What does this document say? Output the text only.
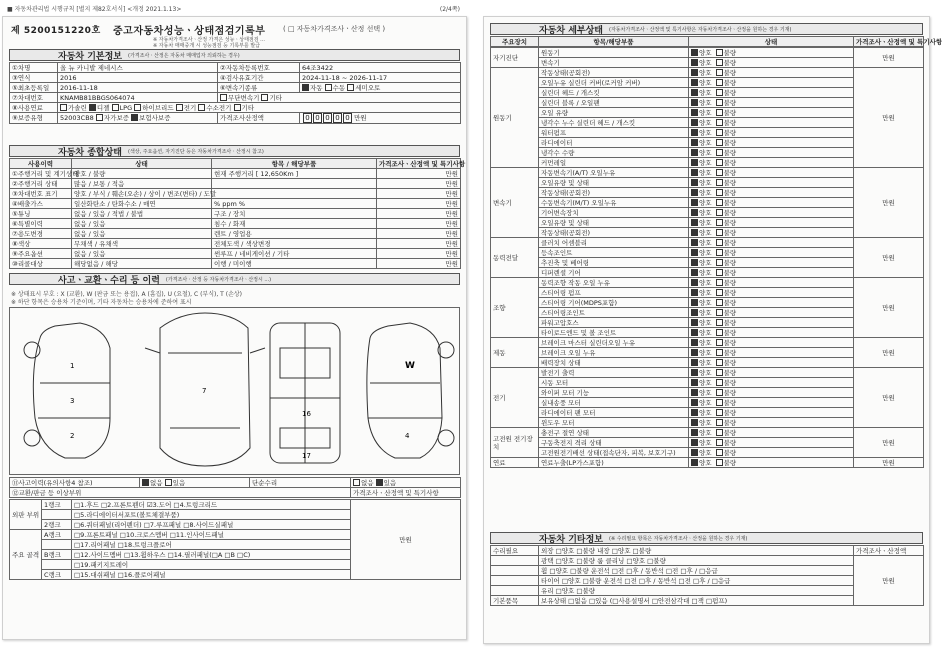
■ 자동차관리법 시행규칙 [별지 제82호서식] <개정 2021.1.13>	(2/4쪽)
제 5200151220호 중고자동차성능ㆍ상태점검기록부	( □ 자동차가격조사ㆍ산정 선택 )
※ 자동차가격조사ㆍ산정 가격은 성능ㆍ상태점검 ...
※ 자동차 매매중개 시 성능점검 등 기록부를 발급
자동차 기본정보 (가격조사ㆍ산정은 자동차 매매업자 의뢰하는 경우)
①차명	올 뉴 카니발 제네시스	②자동차등록번호	64조3422
③연식	2016	④검사유효기간	2024-11-18 ~ 2026-11-17
⑤최초등록일	2016-11-18	⑥변속기종류	자동 수동 세미오토
⑦차대번호	KNAMB81BBGS064074	무단변속기 기타	
⑧사용연료	가솔린 디젤 LPG 하이브리드 전기 수소전기 기타		
⑨보증유형	52003CB8 자가보증 보험사보증	가격조사산정액	0 0 0 0 0 만원
자동차 종합상태 (색상, 주요옵션, 자기진단 등은 자동차가격조사ㆍ산정시 참고)
사용이력	상태	항목 / 해당부품	가격조사ㆍ산정액 및 특기사항
①주행거리 및 계기상태	양호 / 불량	현재 주행거리 [ 12,650Km ]	만원
②주행거리 상태	많음 / 보통 / 적음		만원
③차대번호 표기	양호 / 부식 / 훼손(오손) / 상이 / 변조(변타) / 도말		만원
④배출가스	일산화탄소 / 탄화수소 / 매연	% ppm %	만원
⑤튜닝	없음 / 있음 / 적법 / 불법	구조 / 장치	만원
⑥특별이력	없음 / 있음	침수 / 화재	만원
⑦용도변경	없음 / 있음	렌트 / 영업용	만원
⑧색상	무채색 / 유채색	전체도색 / 색상변경	만원
⑨주요옵션	없음 / 있음	썬루프 / 네비게이션 / 기타	만원
⑩리콜대상	해당없음 / 해당	이행 / 미이행	만원
사고ㆍ교환ㆍ수리 등 이력 (가격조사ㆍ산정 등 자동차가격조사ㆍ산정시 ...)
※ 상태표시 부호 : X (교환), W (판금 또는 용접), A (흠집), U (요철), C (부식), T (손상)
※ 하단 항목은 승용차 기준이며, 기타 자동차는 승용차에 준하여 표시
1
3
2
7
16
17
W
4
⑪사고이력(유의사항4 참조)	없음 있음	단순수리	없음 있음
⑫교환/판금 등 이상부위			가격조사ㆍ산정액 및 특기사항
외판 부위	1랭크	□1.후드 □2.프론트펜더 ☑3.도어 □4.트렁크리드	만원
		□5.라디에이터서포트(볼트체결부품)	
	2랭크	□6.쿼터패널(리어펜더) □7.루프패널 □8.사이드실패널	
주요 골격	A랭크	□9.프론트패널 □10.크로스멤버 □11.인사이드패널	
		□17.리어패널 □18.트렁크플로어	
	B랭크	□12.사이드멤버 □13.휠하우스 □14.필러패널(□A □B □C)	
		□19.패키지트레이	
	C랭크	□15.대쉬패널 □16.플로어패널	
자동차 세부상태 (자동차가격조사ㆍ산정액 및 특기사항은 자동차가격조사ㆍ산정을 원하는 경우 기재)
주요장치	항목/해당부품	상태	가격조사ㆍ산정액 및 특기사항
자기진단	원동기	양호 불량	만원
	변속기	양호 불량	
원동기	작동상태(공회전)	양호 불량	만원
	오일누유 실린더 커버(로커암 커버)	양호 불량	
	실린더 헤드 / 개스킷	양호 불량	
	실린더 블록 / 오일팬	양호 불량	
	오일 유량	양호 불량	
	냉각수 누수 실린더 헤드 / 개스킷	양호 불량	
	워터펌프	양호 불량	
	라디에이터	양호 불량	
	냉각수 수량	양호 불량	
	커먼레일	양호 불량	
변속기	자동변속기(A/T) 오일누유	양호 불량	만원
	오일유량 및 상태	양호 불량	
	작동상태(공회전)	양호 불량	
	수동변속기(M/T) 오일누유	양호 불량	
	기어변속장치	양호 불량	
	오일유량 및 상태	양호 불량	
	작동상태(공회전)	양호 불량	
동력전달	클러치 어셈블리	양호 불량	만원
	등속조인트	양호 불량	
	추진축 및 베어링	양호 불량	
	디퍼렌셜 기어	양호 불량	
조향	동력조향 작동 오일 누유	양호 불량	만원
	스티어링 펌프	양호 불량	
	스티어링 기어(MDPS포함)	양호 불량	
	스티어링조인트	양호 불량	
	파워고압호스	양호 불량	
	타이로드엔드 및 볼 조인트	양호 불량	
제동	브레이크 마스터 실린더오일 누유	양호 불량	만원
	브레이크 오일 누유	양호 불량	
	배력장치 상태	양호 불량	
전기	발전기 출력	양호 불량	만원
	시동 모터	양호 불량	
	와이퍼 모터 기능	양호 불량	
	실내송풍 모터	양호 불량	
	라디에이터 팬 모터	양호 불량	
	윈도우 모터	양호 불량	
고전원 전기장치	충전구 절연 상태	양호 불량	만원
	구동축전지 격리 상태	양호 불량	
	고전원전기배선 상태(접속단자, 피복, 보호기구)	양호 불량	
연료	연료누출(LP가스포함)	양호 불량	만원
자동차 기타정보 (※ 수리필요 항목은 자동차가격조사ㆍ산정을 원하는 경우 기재)
수리필요	외장 □양호 □불량 내장 □양호 □불량	가격조사ㆍ산정액
	광택 □양호 □불량 룸 클리닝 □양호 □불량	만원
	휠 □양호 □불량 운전석 □전 □후 / 동반석 □전 □후 / □응급	
	타이어 □양호 □불량 운전석 □전 □후 / 동반석 □전 □후 / □응급	
	유리 □양호 □불량	
기본품목	보유상태 □없음 □있음 (□사용설명서 □안전삼각대 □잭 □펌프)	
